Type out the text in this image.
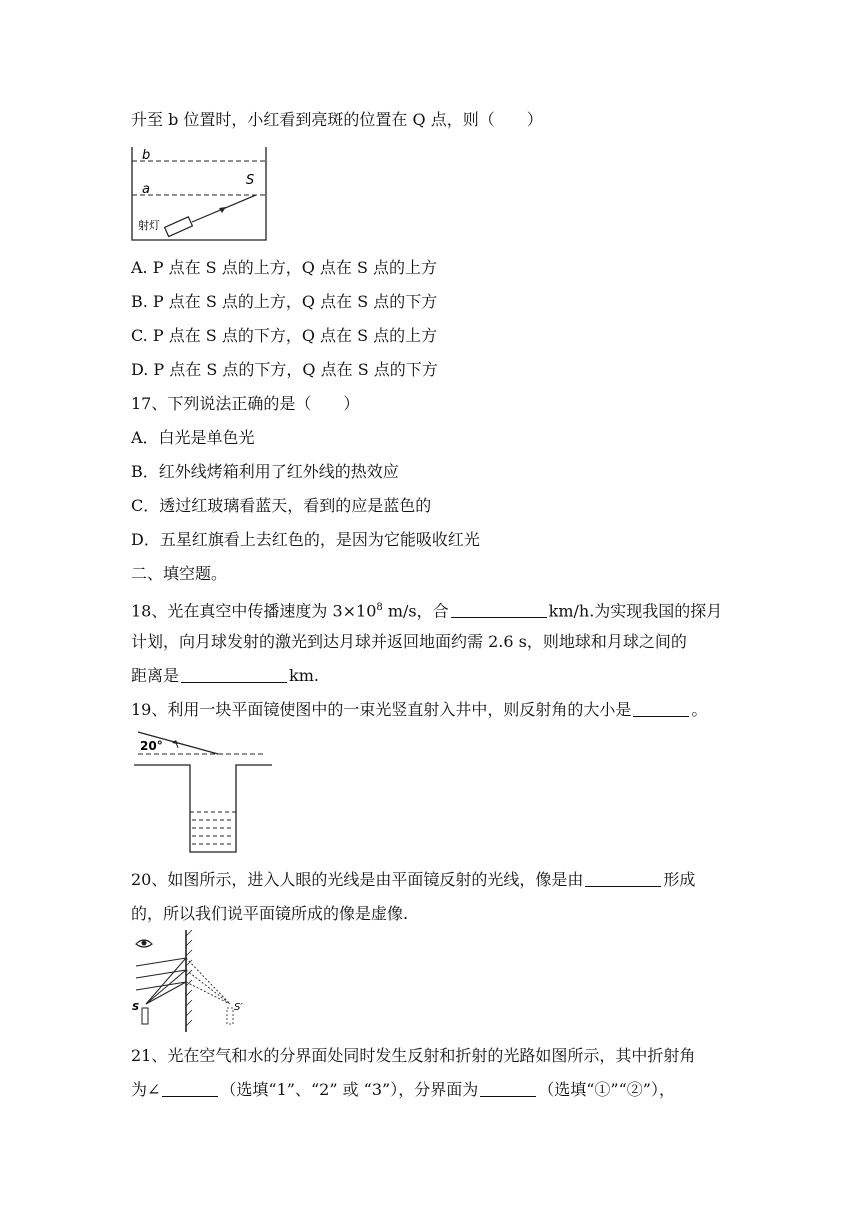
升至 b 位置时，小红看到亮斑的位置在 Q 点，则（　　）
b
a
S
射灯
A. P 点在 S 点的上方，Q 点在 S 点的上方
B. P 点在 S 点的上方，Q 点在 S 点的下方
C. P 点在 S 点的下方，Q 点在 S 点的上方
D. P 点在 S 点的下方，Q 点在 S 点的下方
17、下列说法正确的是（　　）
A．白光是单色光
B．红外线烤箱利用了红外线的热效应
C．透过红玻璃看蓝天，看到的应是蓝色的
D．五星红旗看上去红色的，是因为它能吸收红光
二、填空题。
18、光在真空中传播速度为 $3\times 10^8$ m/s，合	km/h.为实现我国的探月
计划，向月球发射的激光到达月球并返回地面约需 2.6 s，则地球和月球之间的
距离是	km.
19、利用一块平面镜使图中的一束光竖直射入井中，则反射角的大小是	。
20°
20、如图所示，进入人眼的光线是由平面镜反射的光线，像是由	形成
的，所以我们说平面镜所成的像是虚像.
S	S′
21、光在空气和水的分界面处同时发生反射和折射的光路如图所示，其中折射角
为∠	（选填“1”、“2” 或 “3”），分界面为	（选填“①”“②”），
